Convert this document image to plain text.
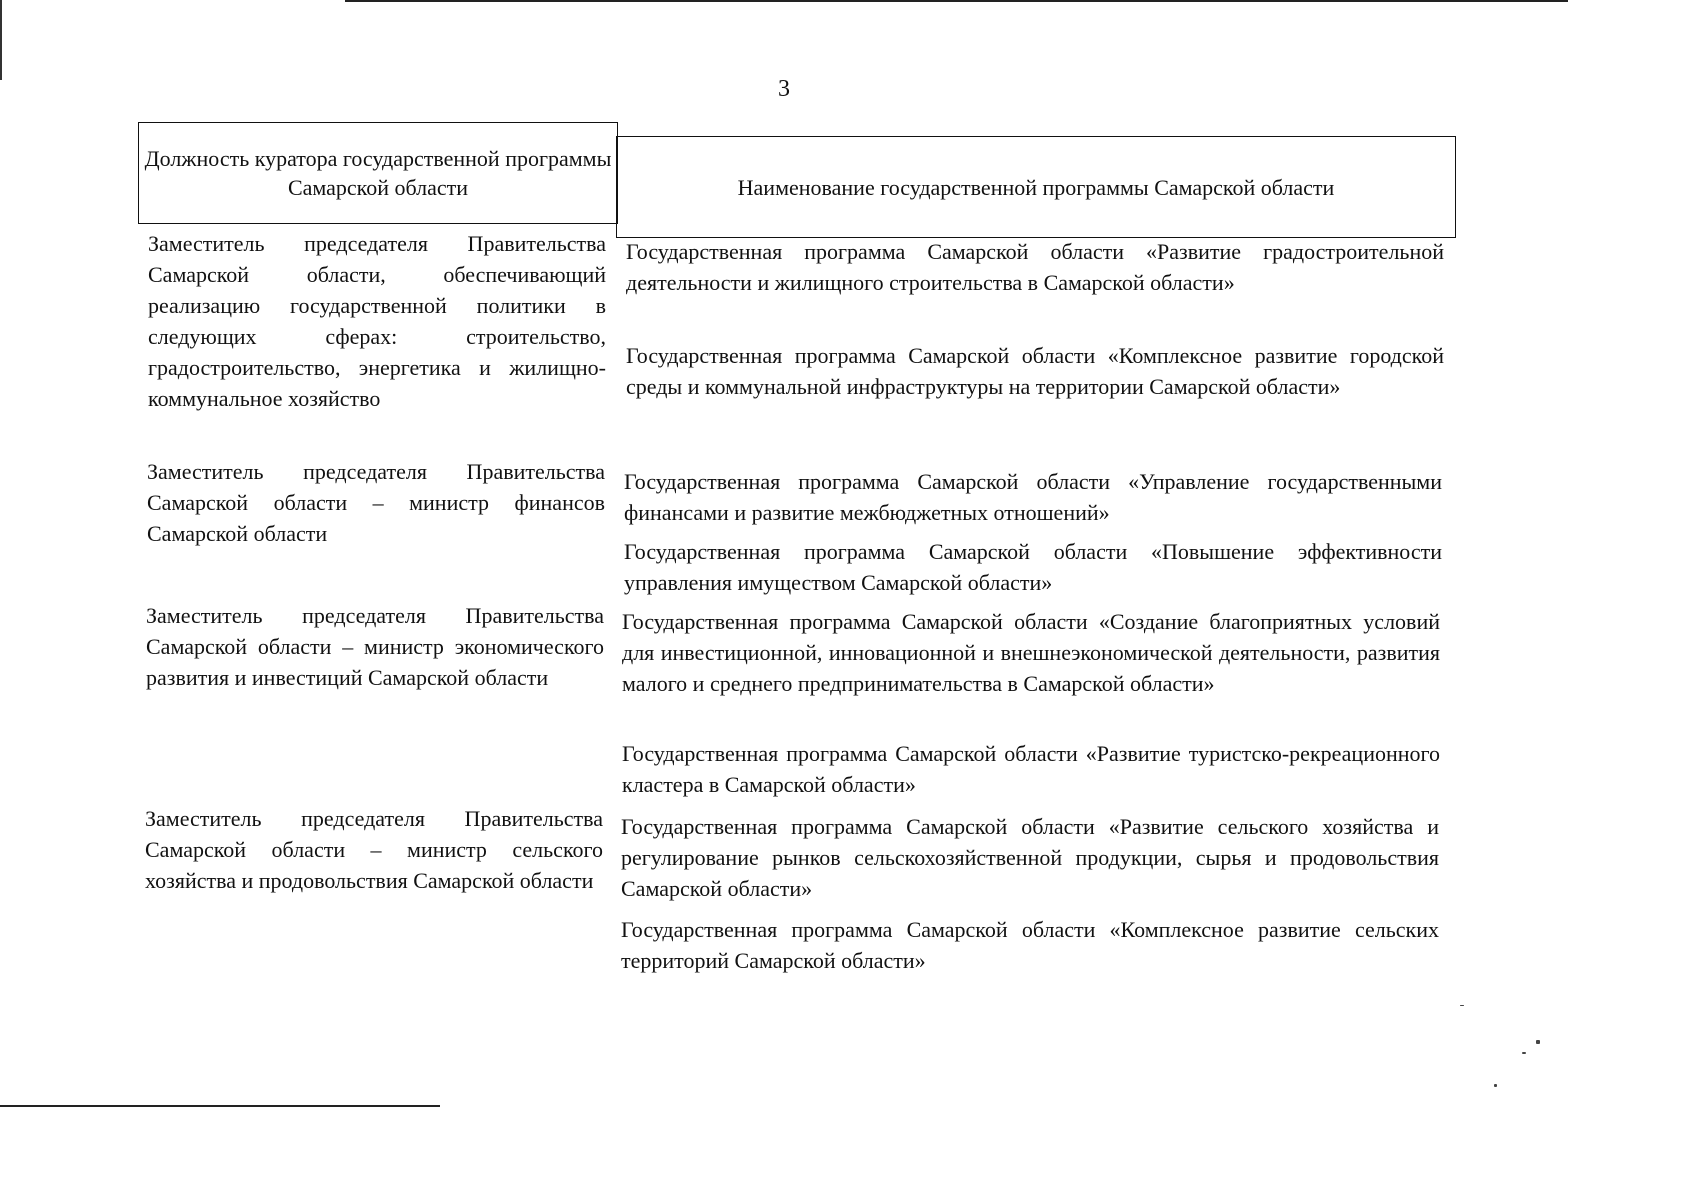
3
Должность куратора государственной программы Самарской области	Наименование государственной программы Самарской области
Заместитель председателя Правительства Самарской области, обеспечивающий реализацию государственной политики в следующих сферах: строительство, градостроительство, энергетика и жилищно-коммунальное хозяйство
Государственная программа Самарской области «Развитие градостроительной деятельности и жилищного строительства в Самарской области»
Государственная программа Самарской области «Комплексное развитие городской среды и коммунальной инфраструктуры на территории Самарской области»
Заместитель председателя Правительства Самарской области – министр финансов Самарской области
Государственная программа Самарской области «Управление государственными финансами и развитие межбюджетных отношений»
Государственная программа Самарской области «Повышение эффективности управления имуществом Самарской области»
Заместитель председателя Правительства Самарской области – министр экономического развития и инвестиций Самарской области
Государственная программа Самарской области «Создание благоприятных условий для инвестиционной, инновационной и внешнеэкономической деятельности, развития малого и среднего предпринимательства в Самарской области»
Государственная программа Самарской области «Развитие туристско-рекреационного кластера в Самарской области»
Заместитель председателя Правительства Самарской области – министр сельского хозяйства и продовольствия Самарской области
Государственная программа Самарской области «Развитие сельского хозяйства и регулирование рынков сельскохозяйственной продукции, сырья и продовольствия Самарской области»
Государственная программа Самарской области «Комплексное развитие сельских территорий Самарской области»
